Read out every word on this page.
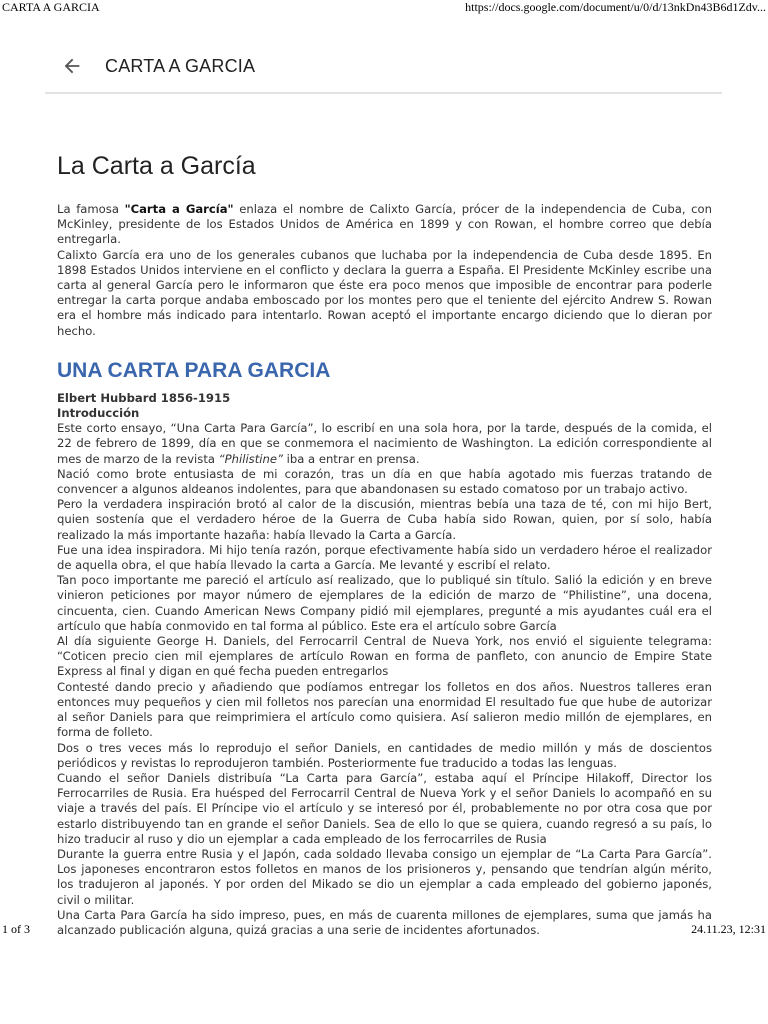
CARTA A GARCIA	https://docs.google.com/document/u/0/d/13nkDn43B6d1Zdv...
CARTA A GARCIA
La Carta a García

La famosa "Carta a García" enlaza el nombre de Calixto García, prócer de la independencia de Cuba, con McKinley, presidente de los Estados Unidos de América en 1899 y con Rowan, el hombre correo que debía entregarla.

Calixto García era uno de los generales cubanos que luchaba por la independencia de Cuba desde 1895. En 1898 Estados Unidos interviene en el conflicto y declara la guerra a España. El Presidente McKinley escribe una carta al general García pero le informaron que éste era poco menos que imposible de encontrar para poderle entregar la carta porque andaba emboscado por los montes pero que el teniente del ejército Andrew S. Rowan era el hombre más indicado para intentarlo. Rowan aceptó el importante encargo diciendo que lo dieran por hecho.

UNA CARTA PARA GARCIA

Elbert Hubbard 1856-1915

Introducción

Este corto ensayo, “Una Carta Para García”, lo escribí en una sola hora, por la tarde, después de la comida, el 22 de febrero de 1899, día en que se conmemora el nacimiento de Washington. La edición correspondiente al mes de marzo de la revista “Philistine” iba a entrar en prensa.

Nació como brote entusiasta de mi corazón, tras un día en que había agotado mis fuerzas tratando de convencer a algunos aldeanos indolentes, para que abandonasen su estado comatoso por un trabajo activo.

Pero la verdadera inspiración brotó al calor de la discusión, mientras bebía una taza de té, con mi hijo Bert, quien sostenía que el verdadero héroe de la Guerra de Cuba había sido Rowan, quien, por sí solo, había realizado la más importante hazaña: había llevado la Carta a García.

Fue una idea inspiradora. Mi hijo tenía razón, porque efectivamente había sido un verdadero héroe el realizador de aquella obra, el que había llevado la carta a García. Me levanté y escribí el relato.

Tan poco importante me pareció el artículo así realizado, que lo publiqué sin título. Salió la edición y en breve vinieron peticiones por mayor número de ejemplares de la edición de marzo de “Philistine”, una docena, cincuenta, cien. Cuando American News Company pidió mil ejemplares, pregunté a mis ayudantes cuál era el artículo que había conmovido en tal forma al público. Este era el artículo sobre García

Al día siguiente George H. Daniels, del Ferrocarril Central de Nueva York, nos envió el siguiente telegrama: “Coticen precio cien mil ejemplares de artículo Rowan en forma de panfleto, con anuncio de Empire State Express al final y digan en qué fecha pueden entregarlos

Contesté dando precio y añadiendo que podíamos entregar los folletos en dos años. Nuestros talleres eran entonces muy pequeños y cien mil folletos nos parecían una enormidad El resultado fue que hube de autorizar al señor Daniels para que reimprimiera el artículo como quisiera. Así salieron medio millón de ejemplares, en forma de folleto.

Dos o tres veces más lo reprodujo el señor Daniels, en cantidades de medio millón y más de doscientos periódicos y revistas lo reprodujeron también. Posteriormente fue traducido a todas las lenguas.

Cuando el señor Daniels distribuía “La Carta para García”, estaba aquí el Príncipe Hilakoff, Director los Ferrocarriles de Rusia. Era huésped del Ferrocarril Central de Nueva York y el señor Daniels lo acompañó en su viaje a través del país. El Príncipe vio el artículo y se interesó por él, probablemente no por otra cosa que por estarlo distribuyendo tan en grande el señor Daniels. Sea de ello lo que se quiera, cuando regresó a su país, lo hizo traducir al ruso y dio un ejemplar a cada empleado de los ferrocarriles de Rusia

Durante la guerra entre Rusia y el Japón, cada soldado llevaba consigo un ejemplar de “La Carta Para García”. Los japoneses encontraron estos folletos en manos de los prisioneros y, pensando que tendrían algún mérito, los tradujeron al japonés. Y por orden del Mikado se dio un ejemplar a cada empleado del gobierno japonés, civil o militar.

Una Carta Para García ha sido impreso, pues, en más de cuarenta millones de ejemplares, suma que jamás ha alcanzado publicación alguna, quizá gracias a una serie de incidentes afortunados.

1 of 3	24.11.23, 12:31
